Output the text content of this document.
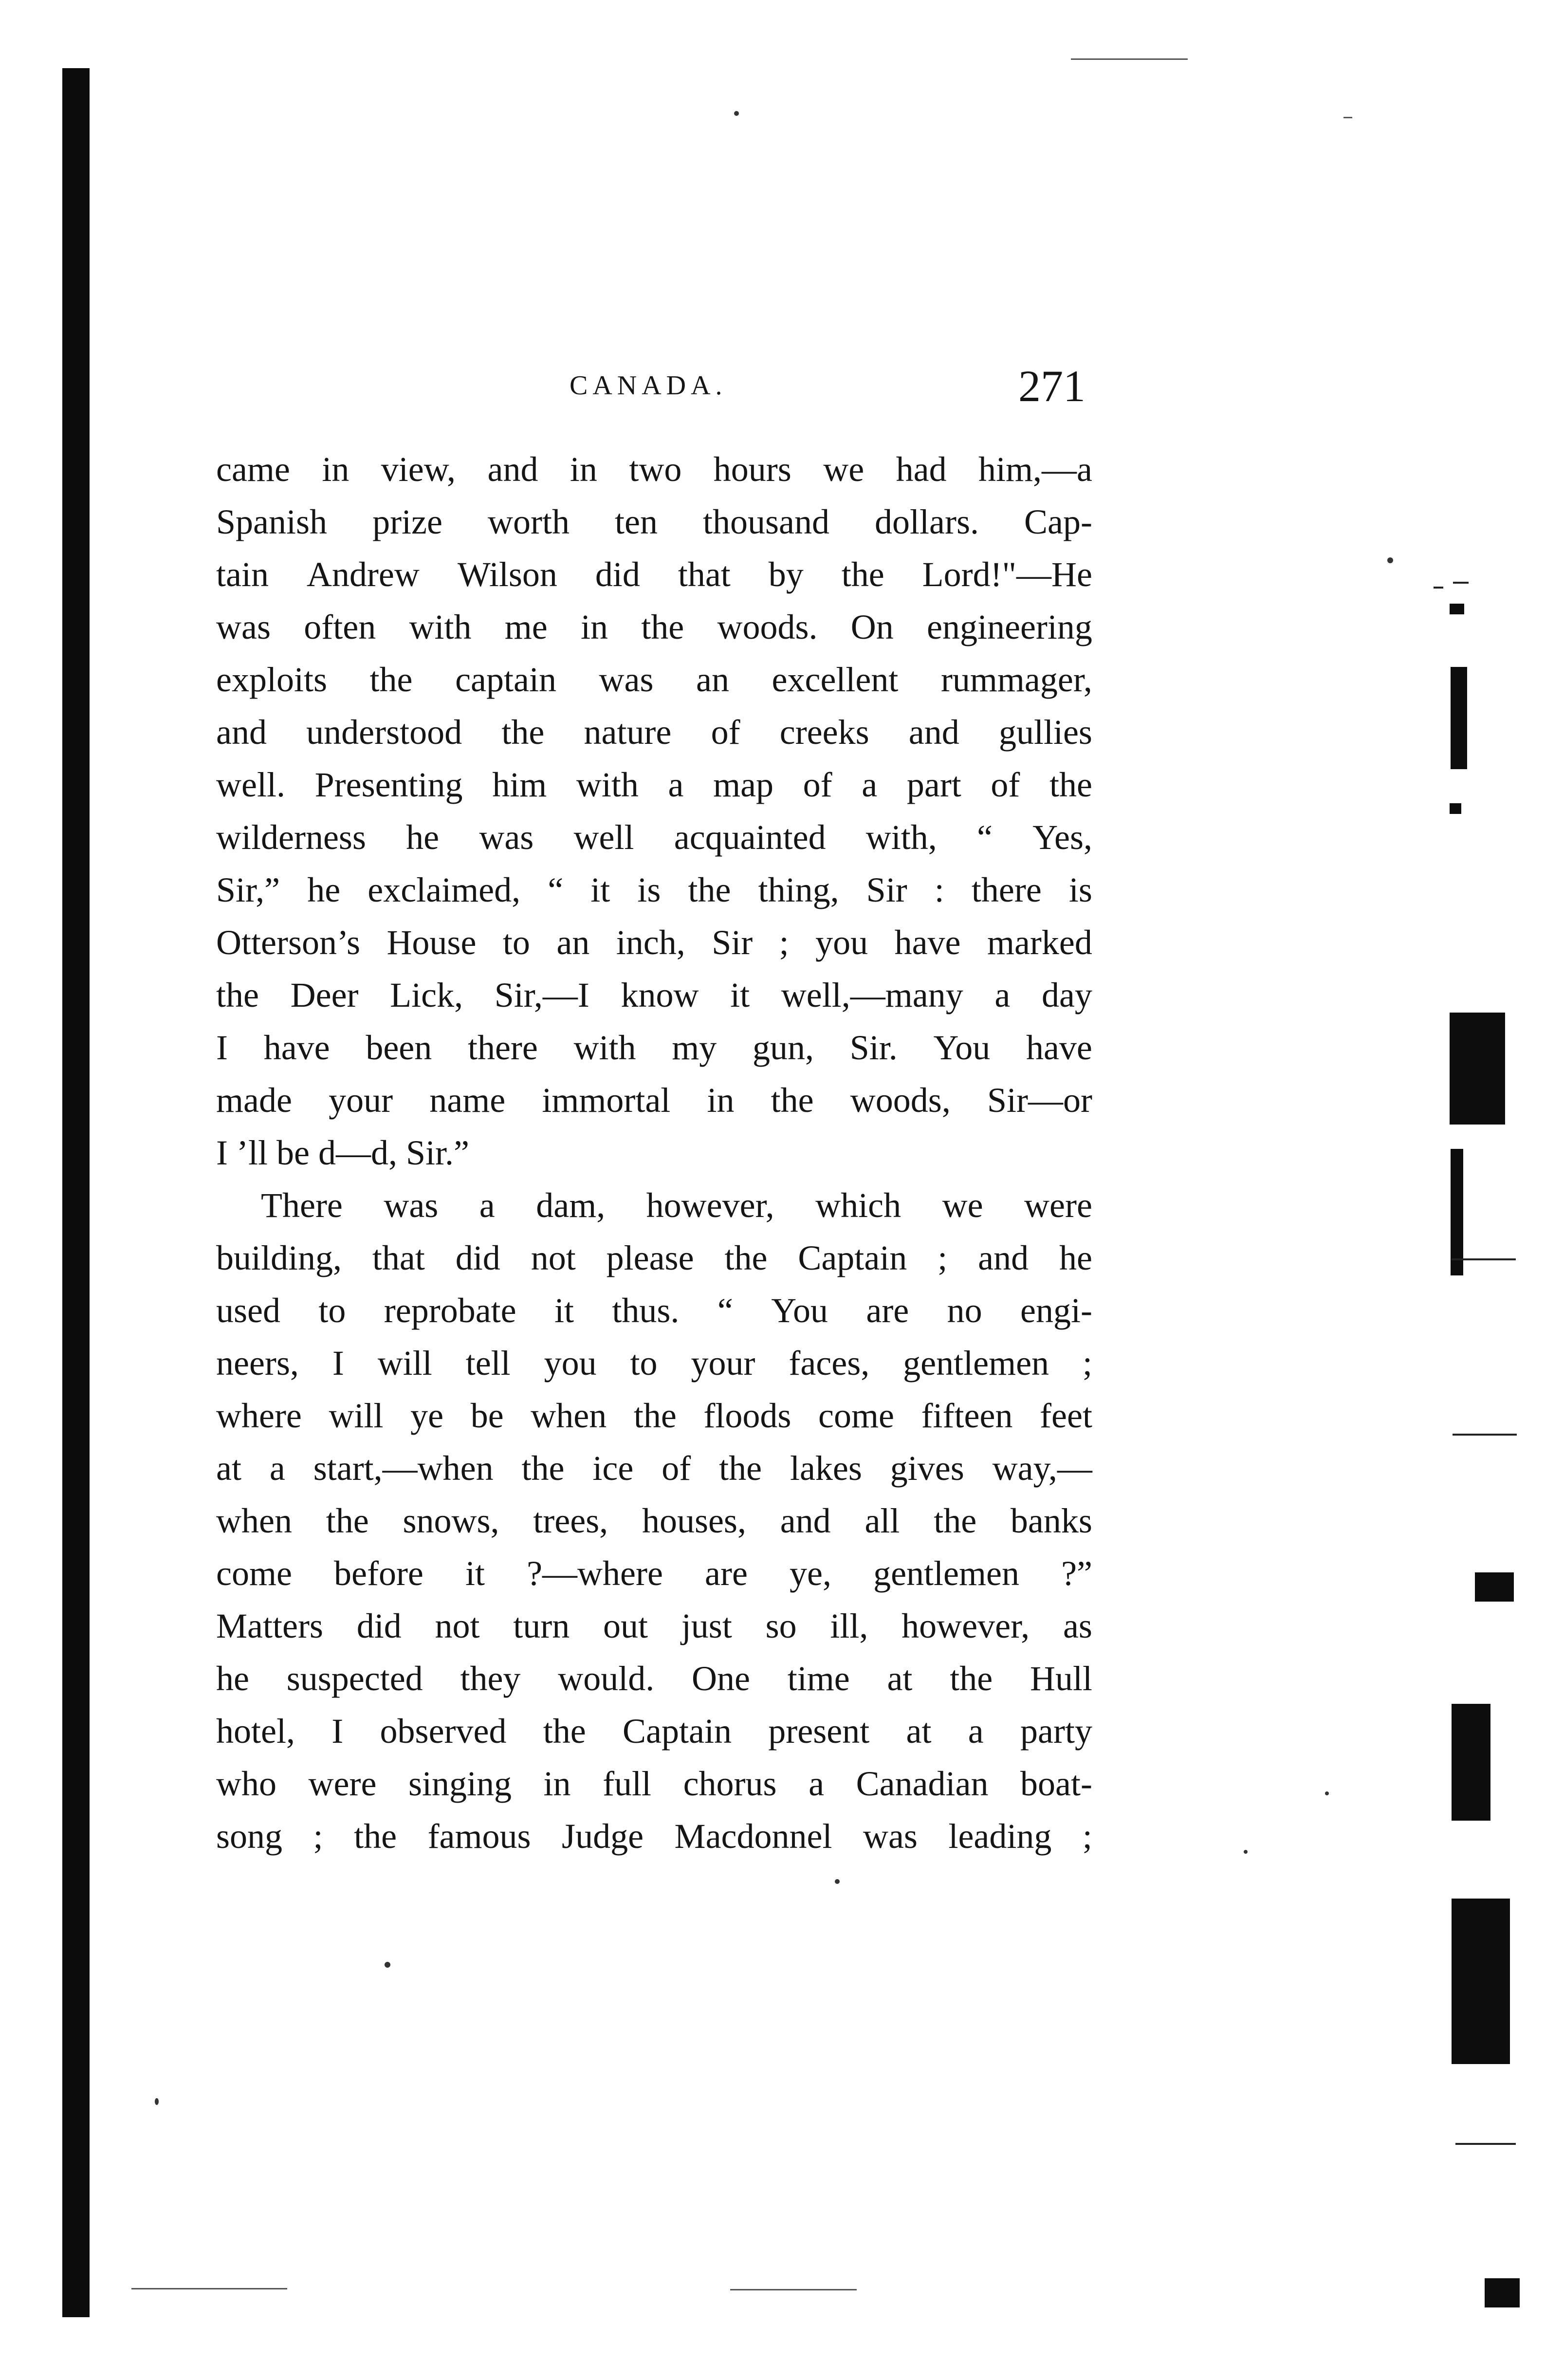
CANADA.	271
came in view, and in two hours we had him,—a
Spanish prize worth ten thousand dollars. Cap-
tain Andrew Wilson did that by the Lord!"—He
was often with me in the woods. On engineering
exploits the captain was an excellent rummager,
and understood the nature of creeks and gullies
well. Presenting him with a map of a part of the
wilderness he was well acquainted with, “ Yes,
Sir,” he exclaimed, “ it is the thing, Sir : there is
Otterson’s House to an inch, Sir ; you have marked
the Deer Lick, Sir,—I know it well,—many a day
I have been there with my gun, Sir. You have
made your name immortal in the woods, Sir—or
I ’ll be d—d, Sir.”
There was a dam, however, which we were
building, that did not please the Captain ; and he
used to reprobate it thus. “ You are no engi-
neers, I will tell you to your faces, gentlemen ;
where will ye be when the floods come fifteen feet
at a start,—when the ice of the lakes gives way,—
when the snows, trees, houses, and all the banks
come before it ?—where are ye, gentlemen ?”
Matters did not turn out just so ill, however, as
he suspected they would. One time at the Hull
hotel, I observed the Captain present at a party
who were singing in full chorus a Canadian boat-
song ; the famous Judge Macdonnel was leading ;
